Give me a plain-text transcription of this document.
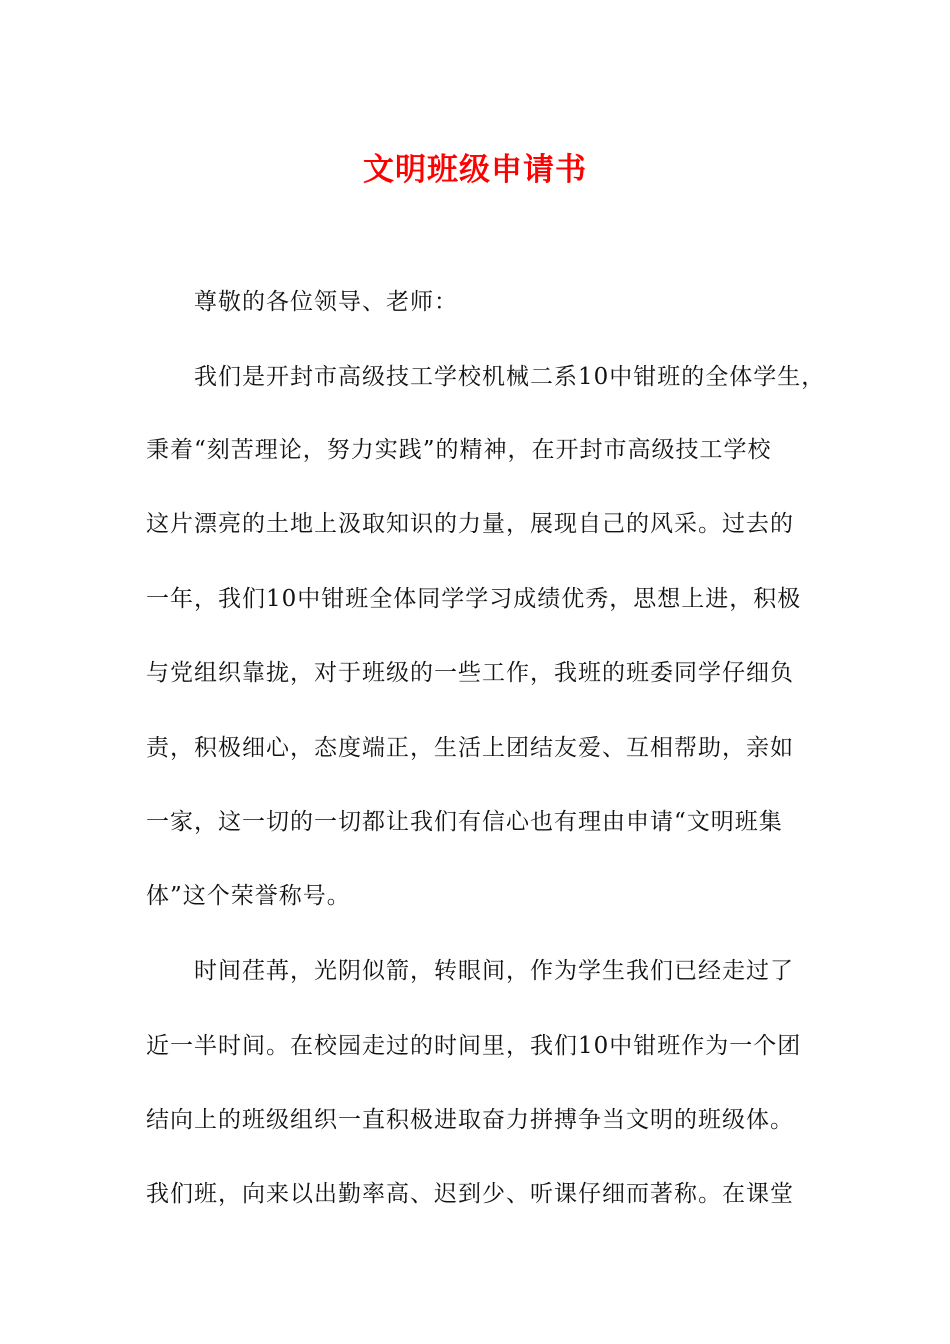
文明班级申请书
尊敬的各位领导、老师：
我们是开封市高级技工学校机械二系10中钳班的全体学生，
秉着“刻苦理论，努力实践”的精神，在开封市高级技工学校
这片漂亮的土地上汲取知识的力量，展现自己的风采。过去的
一年，我们10中钳班全体同学学习成绩优秀，思想上进，积极
与党组织靠拢，对于班级的一些工作，我班的班委同学仔细负
责，积极细心，态度端正，生活上团结友爱、互相帮助，亲如
一家，这一切的一切都让我们有信心也有理由申请“文明班集
体”这个荣誉称号。
时间荏苒，光阴似箭，转眼间，作为学生我们已经走过了
近一半时间。在校园走过的时间里，我们10中钳班作为一个团
结向上的班级组织一直积极进取奋力拼搏争当文明的班级体。
我们班，向来以出勤率高、迟到少、听课仔细而著称。在课堂
